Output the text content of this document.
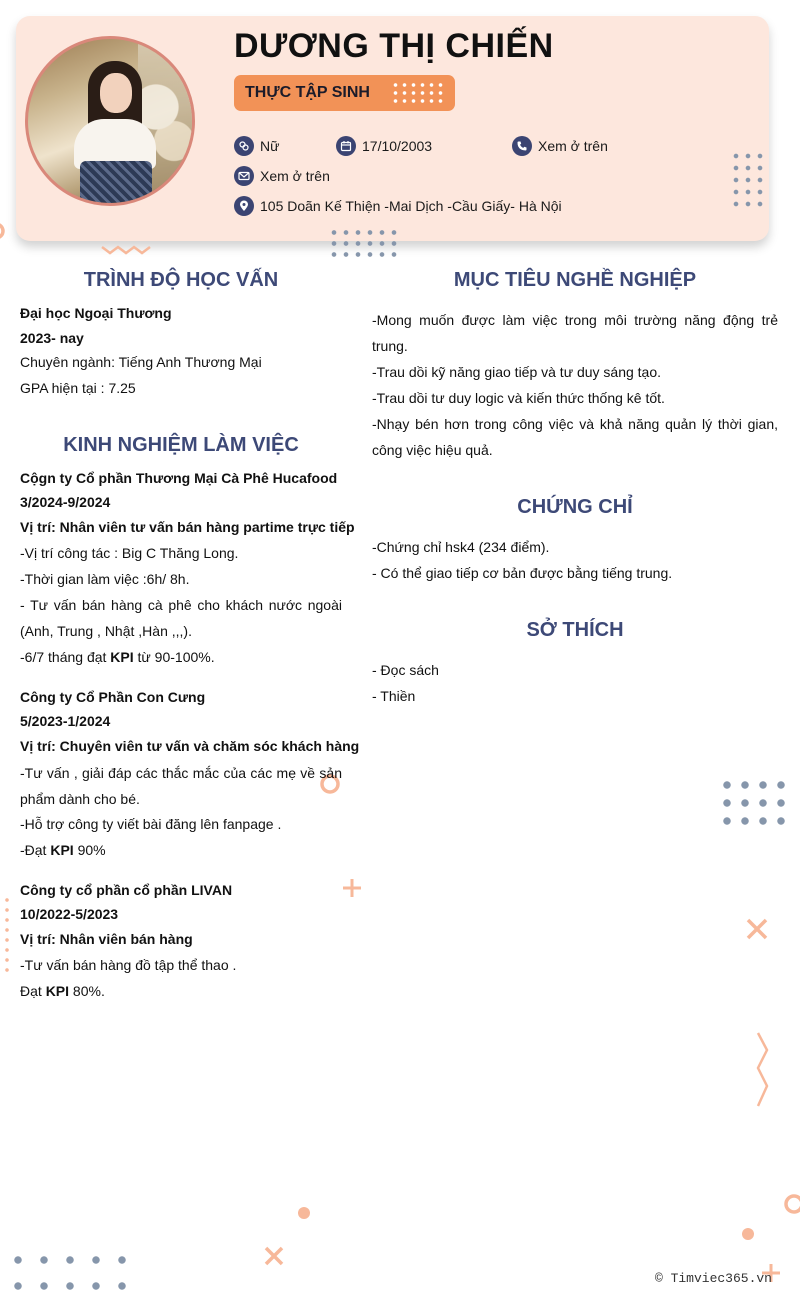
DƯƠNG THỊ CHIẾN
THỰC TẬP SINH
Nữ	17/10/2003	Xem ở trên
Xem ở trên
105 Doãn Kế Thiện -Mai Dịch -Cầu Giấy- Hà Nội
TRÌNH ĐỘ HỌC VẤN
Đại học Ngoại Thương
2023- nay
Chuyên ngành: Tiếng Anh Thương Mại
GPA hiện tại : 7.25
KINH NGHIỆM LÀM VIỆC
Cộgn ty Cổ phần Thương Mại Cà Phê Hucafood
3/2024-9/2024
Vị trí: Nhân viên tư vấn bán hàng partime trực tiếp
-Vị trí công tác : Big C Thăng Long.
-Thời gian làm việc :6h/ 8h.
- Tư vấn bán hàng cà phê cho khách nước ngoài (Anh, Trung , Nhật ,Hàn ,,,).
-6/7 tháng đạt KPI từ 90-100%.
Công ty Cổ Phần Con Cưng
5/2023-1/2024
Vị trí: Chuyên viên tư vấn và chăm sóc khách hàng
-Tư vấn , giải đáp các thắc mắc của các mẹ về sản phẩm dành cho bé.
-Hỗ trợ công ty viết bài đăng lên fanpage .
-Đạt KPI 90%
Công ty cổ phần cổ phần LIVAN
10/2022-5/2023
Vị trí: Nhân viên bán hàng
-Tư vấn bán hàng đồ tập thể thao .
Đạt KPI 80%.
MỤC TIÊU NGHỀ NGHIỆP
-Mong muốn được làm việc trong môi trường năng động trẻ trung.
-Trau dồi kỹ năng giao tiếp và tư duy sáng tạo.
-Trau dồi tư duy logic và kiến thức thống kê tốt.
-Nhạy bén hơn trong công việc và khả năng quản lý thời gian, công việc hiệu quả.
CHỨNG CHỈ
-Chứng chỉ hsk4 (234 điểm).
- Có thể giao tiếp cơ bản được bằng tiếng trung.
SỞ THÍCH
- Đọc sách
- Thiền
© Timviec365.vn
